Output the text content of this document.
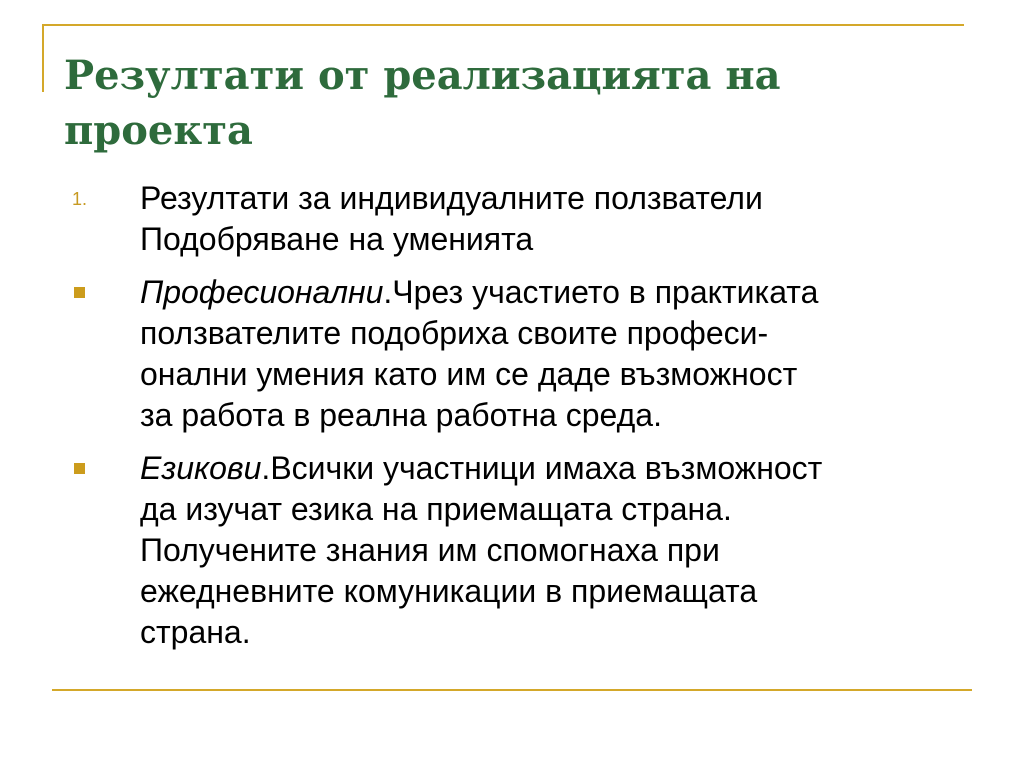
Резултати от реализацията на
проекта
1. Резултати за индивидуалните ползватели
Подобряване на уменията
Професионални.Чрез участието в практиката
ползвателите подобриха своите професи-
онални умения като им се даде възможност
за работа в реална работна среда.
Езикови.Всички участници имаха възможност
да изучат езика на приемащата страна.
Получените знания им спомогнаха при
ежедневните комуникации в приемащата
страна.
